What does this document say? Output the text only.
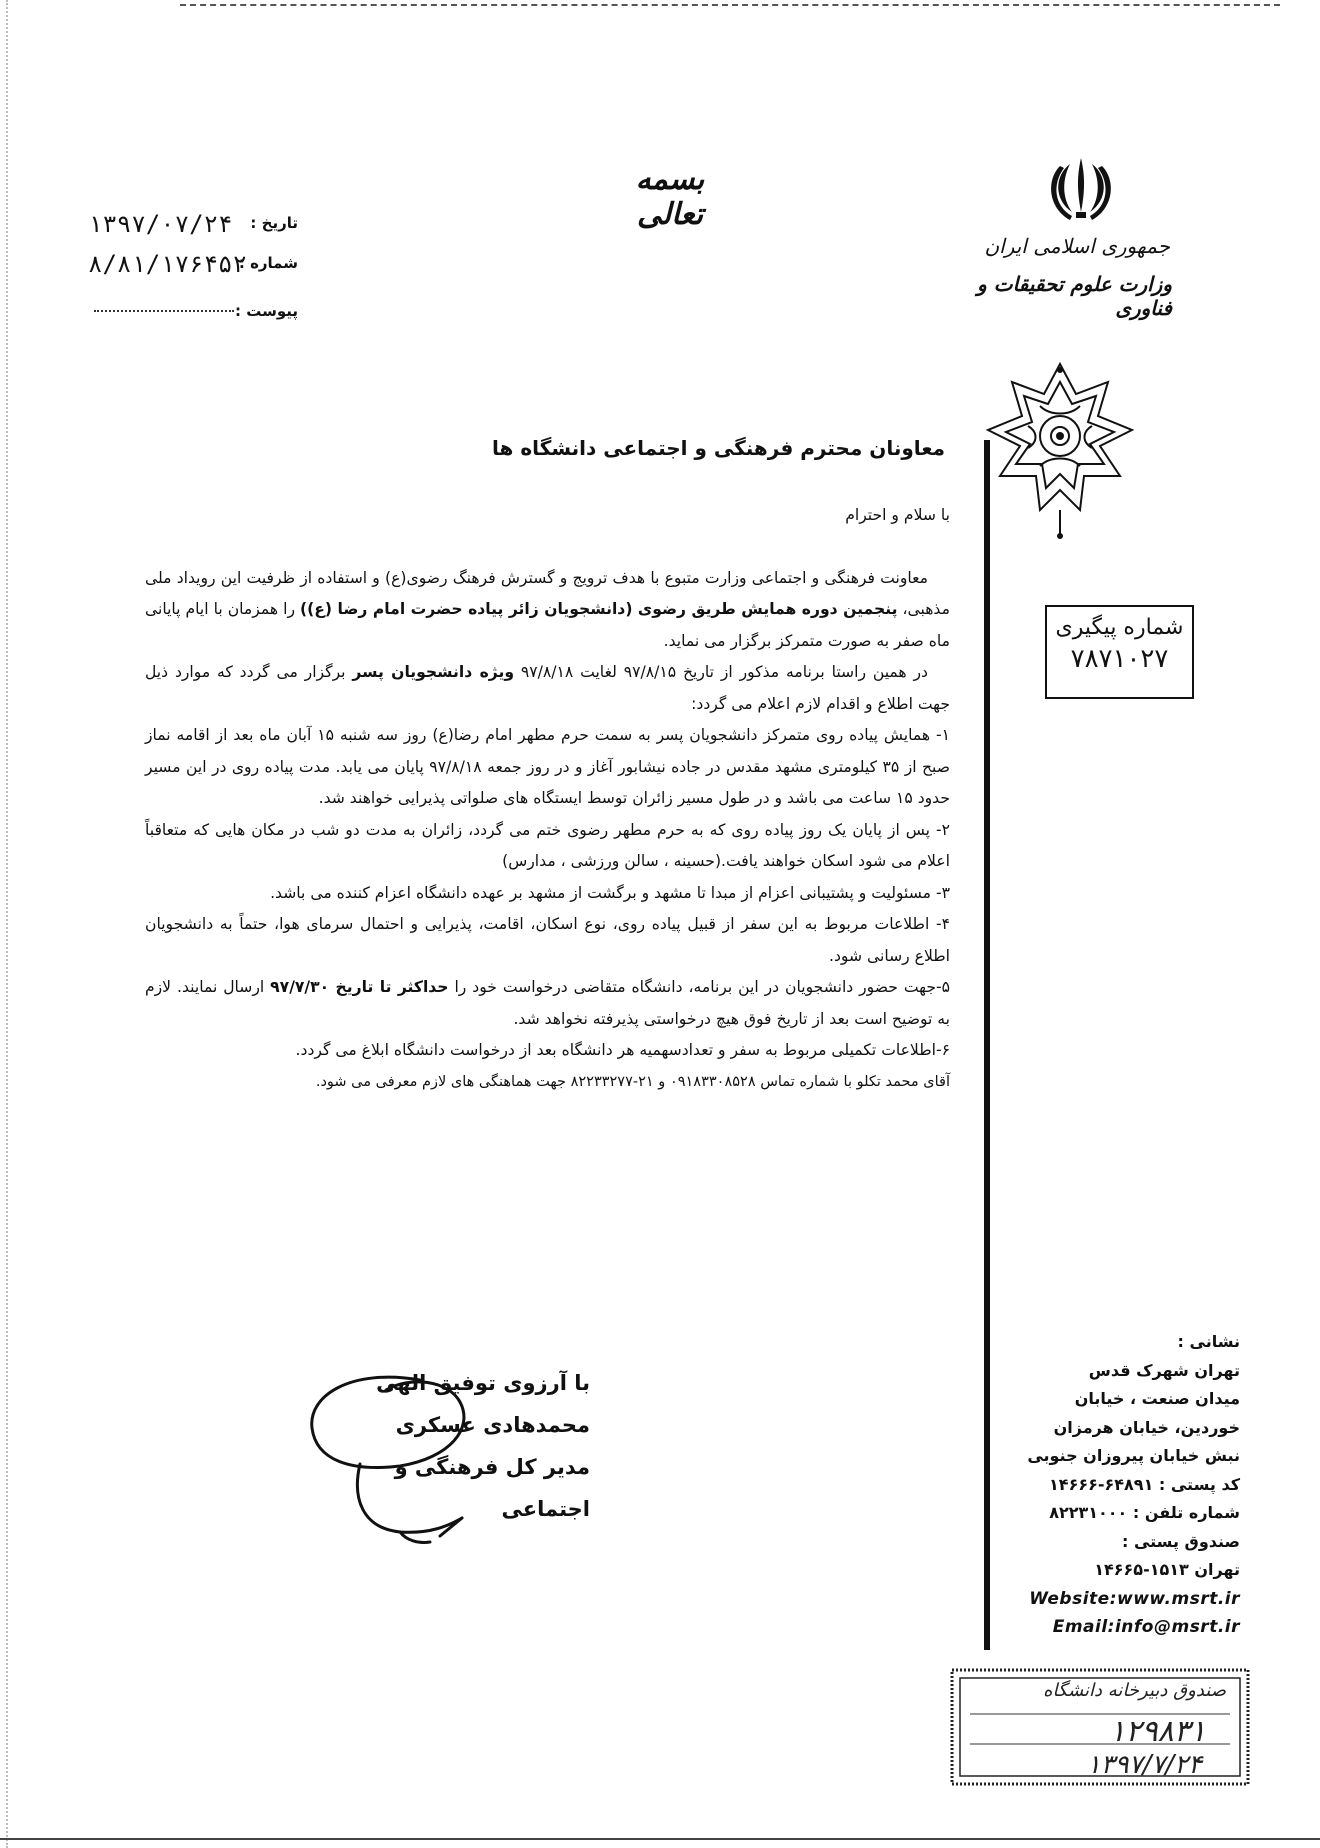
بسمه تعالی
جمهوری اسلامی ایران
وزارت علوم تحقیقات و فناوری
تاریخ :
۱۳۹۷/۰۷/۲۴
شماره :
۸/۸۱/۱۷۶۴۵۲
پیوست :
معاونان محترم فرهنگی و اجتماعی دانشگاه ها

با سلام و احترام

معاونت فرهنگی و اجتماعی وزارت متبوع با هدف ترویج و گسترش فرهنگ رضوی(ع) و استفاده از ظرفیت این رویداد ملی مذهبی، پنجمین دوره همایش طریق رضوی (دانشجویان زائر پیاده حضرت امام رضا (ع)) را همزمان با ایام پایانی ماه صفر به صورت متمرکز برگزار می نماید.

در همین راستا برنامه مذکور از تاریخ ۹۷/۸/۱۵ لغایت ۹۷/۸/۱۸ ویژه دانشجویان پسر برگزار می گردد که موارد ذیل جهت اطلاع و اقدام لازم اعلام می گردد:

۱- همایش پیاده روی متمرکز دانشجویان پسر به سمت حرم مطهر امام رضا(ع) روز سه شنبه ۱۵ آبان ماه بعد از اقامه نماز صبح از ۳۵ کیلومتری مشهد مقدس در جاده نیشابور آغاز و در روز جمعه ۹۷/۸/۱۸ پایان می یابد. مدت پیاده روی در این مسیر حدود ۱۵ ساعت می باشد و در طول مسیر زائران توسط ایستگاه های صلواتی پذیرایی خواهند شد.

۲- پس از پایان یک روز پیاده روی که به حرم مطهر رضوی ختم می گردد، زائران به مدت دو شب در مکان هایی که متعاقباً اعلام می شود اسکان خواهند یافت.(حسینه ، سالن ورزشی ، مدارس)

۳- مسئولیت و پشتیبانی اعزام از مبدا تا مشهد و برگشت از مشهد بر عهده دانشگاه اعزام کننده می باشد.

۴- اطلاعات مربوط به این سفر از قبیل پیاده روی، نوع اسکان، اقامت، پذیرایی و احتمال سرمای هوا، حتماً به دانشجویان اطلاع رسانی شود.

۵-جهت حضور دانشجویان در این برنامه، دانشگاه متقاضی درخواست خود را حداکثر تا تاریخ ۹۷/۷/۳۰ ارسال نمایند. لازم به توضیح است بعد از تاریخ فوق هیچ درخواستی پذیرفته نخواهد شد.

۶-اطلاعات تکمیلی مربوط به سفر و تعدادسهمیه هر دانشگاه بعد از درخواست دانشگاه ابلاغ می گردد.

آقای محمد تکلو با شماره تماس ۰۹۱۸۳۳۰۸۵۲۸ و ۲۱-۸۲۲۳۳۲۷۷ جهت هماهنگی های لازم معرفی می شود.

شماره پیگیری
۷۸۷۱۰۲۷
نشانی :
تهران شهرک قدس
میدان صنعت ، خیابان
خوردین، خیابان هرمزان
نبش خیابان پیروزان جنوبی
کد پستی : ۶۴۸۹۱-۱۴۶۶۶
شماره تلفن : ۸۲۲۳۱۰۰۰
صندوق پستی :
تهران ۱۵۱۳-۱۴۶۶۵
Website:www.msrt.ir
Email:info@msrt.ir
با آرزوی توفیق الهی
محمدهادی عسکری
مدیر کل فرهنگی و اجتماعی
صندوق دبیرخانه دانشگاه
۱۲۹۸۳۱
۱۳۹۷/۷/۲۴
